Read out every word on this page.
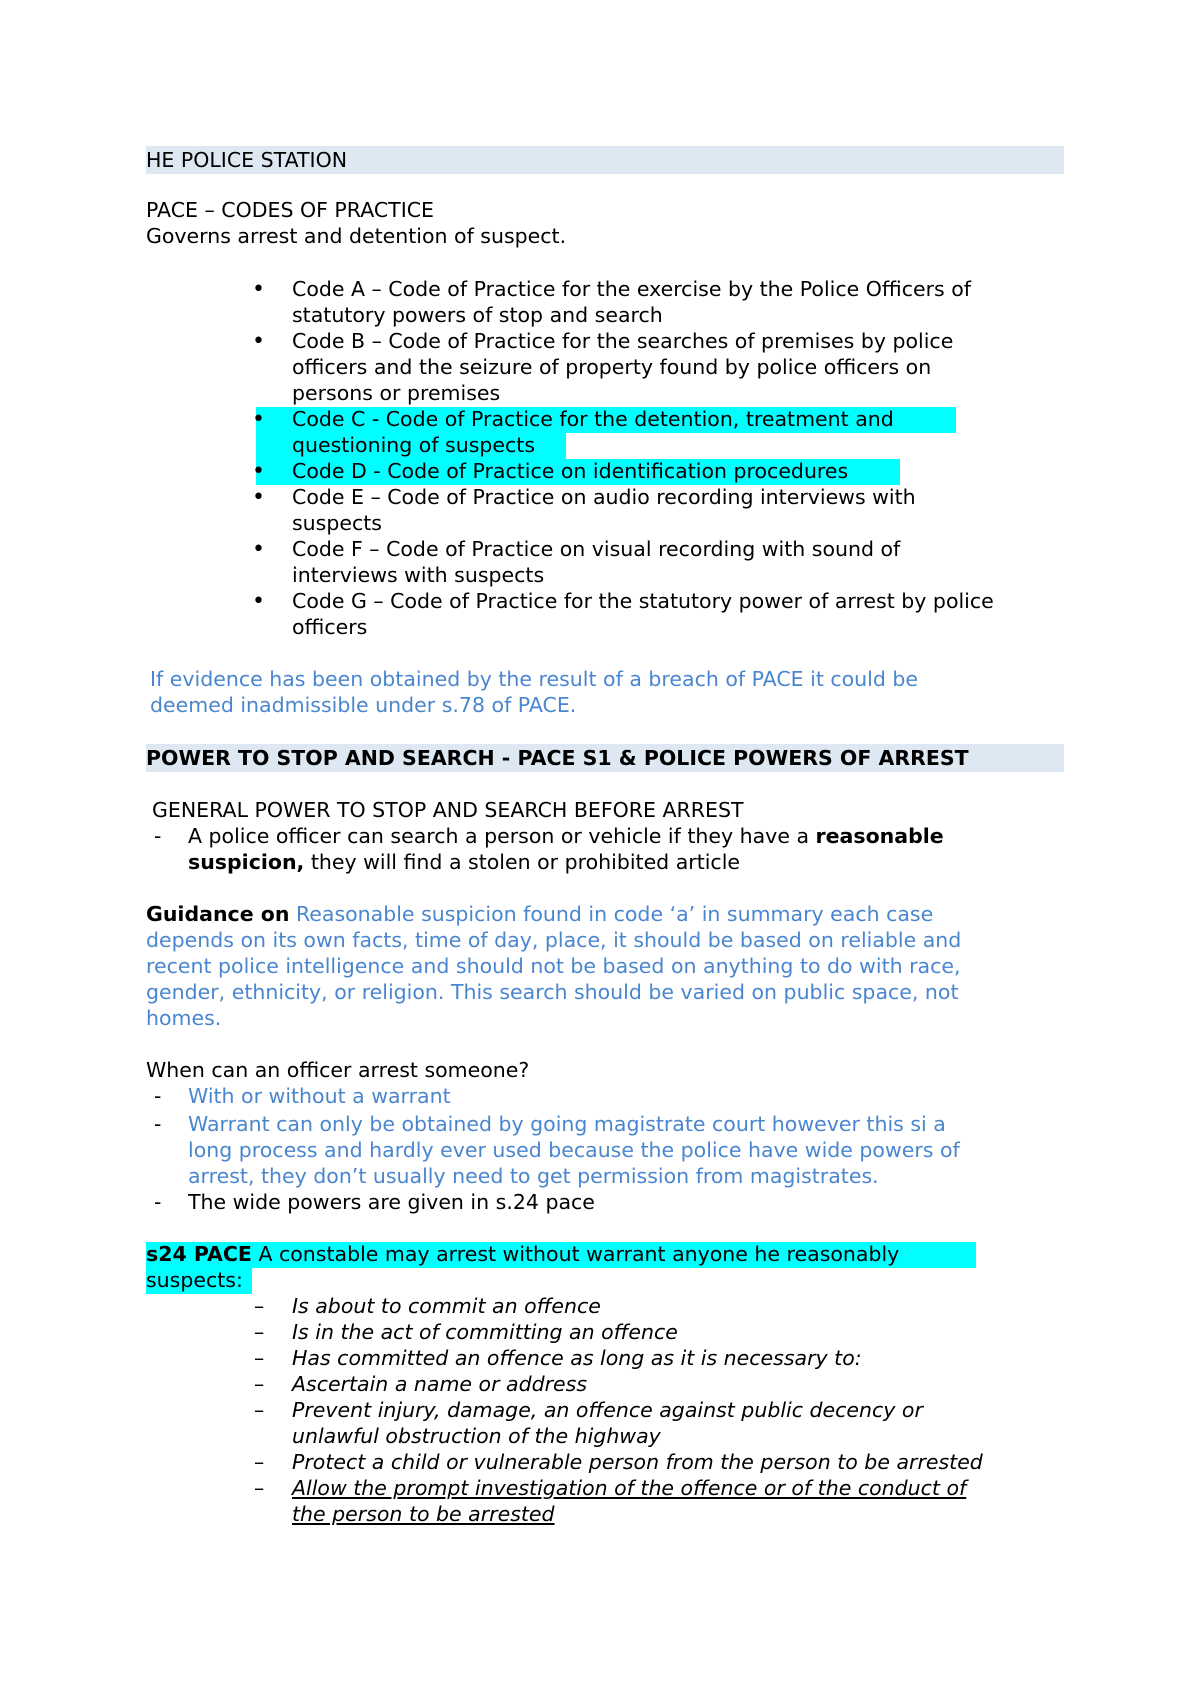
HE POLICE STATION
PACE – CODES OF PRACTICE
Governs arrest and detention of suspect.
•
Code A – Code of Practice for the exercise by the Police Officers of
statutory powers of stop and search
•
Code B – Code of Practice for the searches of premises by police
officers and the seizure of property found by police officers on
persons or premises
•
Code C - Code of Practice for the detention, treatment and
questioning of suspects
•
Code D - Code of Practice on identification procedures
•
Code E – Code of Practice on audio recording interviews with
suspects
•
Code F – Code of Practice on visual recording with sound of
interviews with suspects
•
Code G – Code of Practice for the statutory power of arrest by police
officers
If evidence has been obtained by the result of a breach of PACE it could be
deemed inadmissible under s.78 of PACE.
POWER TO STOP AND SEARCH - PACE S1 & POLICE POWERS OF ARREST
GENERAL POWER TO STOP AND SEARCH BEFORE ARREST
- A police officer can search a person or vehicle if they have a reasonable
suspicion, they will find a stolen or prohibited article
Guidance on Reasonable suspicion found in code ‘a’ in summary each case
depends on its own facts, time of day, place, it should be based on reliable and
recent police intelligence and should not be based on anything to do with race,
gender, ethnicity, or religion. This search should be varied on public space, not
homes.
When can an officer arrest someone?
- With or without a warrant
- Warrant can only be obtained by going magistrate court however this si a
long process and hardly ever used because the police have wide powers of
arrest, they don’t usually need to get permission from magistrates.
- The wide powers are given in s.24 pace
s24 PACE A constable may arrest without warrant anyone he reasonably
suspects:
– Is about to commit an offence
– Is in the act of committing an offence
– Has committed an offence as long as it is necessary to:
– Ascertain a name or address
– Prevent injury, damage, an offence against public decency or
unlawful obstruction of the highway
– Protect a child or vulnerable person from the person to be arrested
– Allow the prompt investigation of the offence or of the conduct of
the person to be arrested
